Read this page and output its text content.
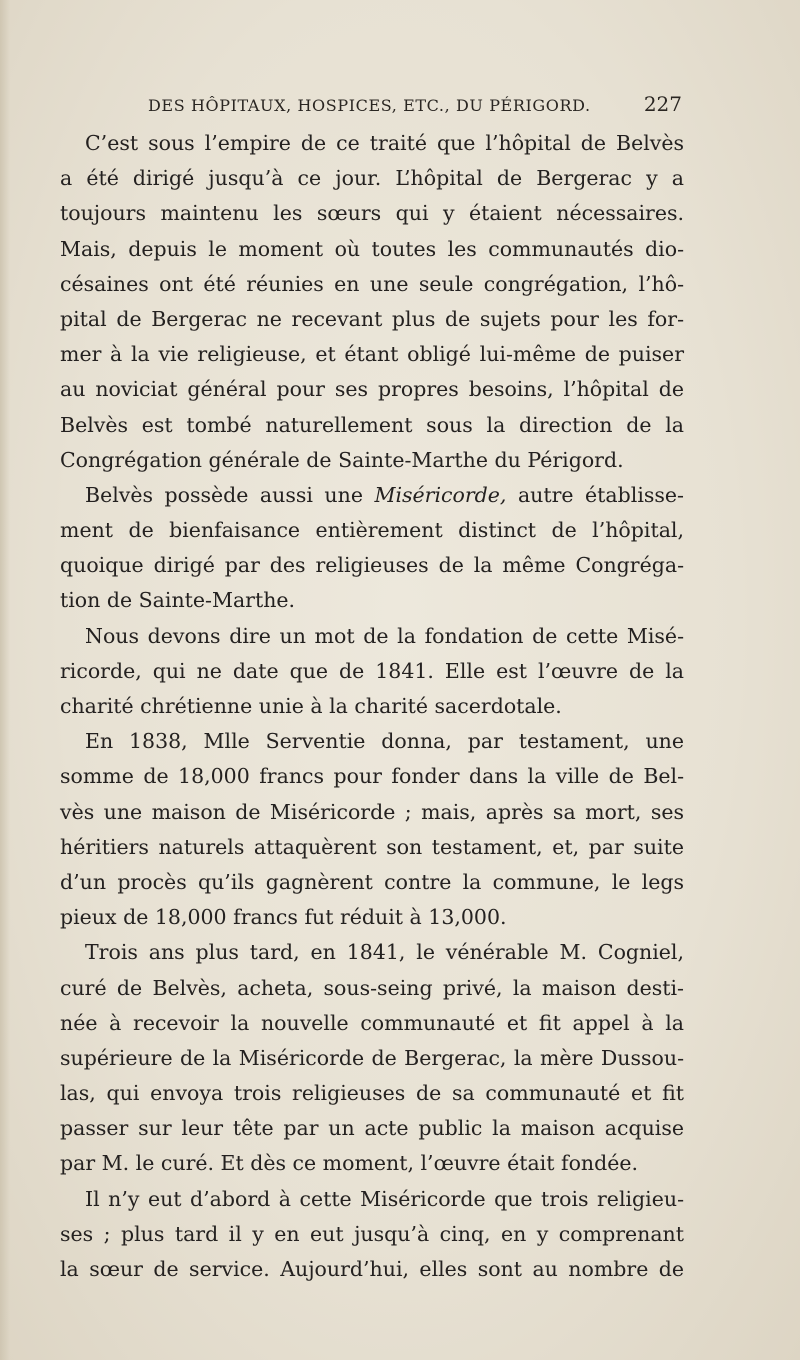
DES HÔPITAUX, HOSPICES, ETC., DU PÉRIGORD.	227
C’est sous l’empire de ce traité que l’hôpital de Belvès
a été dirigé jusqu’à ce jour. L’hôpital de Bergerac y a
toujours maintenu les sœurs qui y étaient nécessaires.
Mais, depuis le moment où toutes les communautés dio-
césaines ont été réunies en une seule congrégation, l’hô-
pital de Bergerac ne recevant plus de sujets pour les for-
mer à la vie religieuse, et étant obligé lui-même de puiser
au noviciat général pour ses propres besoins, l’hôpital de
Belvès est tombé naturellement sous la direction de la
Congrégation générale de Sainte-Marthe du Périgord.
Belvès possède aussi une Miséricorde, autre établisse-
ment de bienfaisance entièrement distinct de l’hôpital,
quoique dirigé par des religieuses de la même Congréga-
tion de Sainte-Marthe.
Nous devons dire un mot de la fondation de cette Misé-
ricorde, qui ne date que de 1841. Elle est l’œuvre de la
charité chrétienne unie à la charité sacerdotale.
En 1838, Mlle Serventie donna, par testament, une
somme de 18,000 francs pour fonder dans la ville de Bel-
vès une maison de Miséricorde ; mais, après sa mort, ses
héritiers naturels attaquèrent son testament, et, par suite
d’un procès qu’ils gagnèrent contre la commune, le legs
pieux de 18,000 francs fut réduit à 13,000.
Trois ans plus tard, en 1841, le vénérable M. Cogniel,
curé de Belvès, acheta, sous-seing privé, la maison desti-
née à recevoir la nouvelle communauté et fit appel à la
supérieure de la Miséricorde de Bergerac, la mère Dussou-
las, qui envoya trois religieuses de sa communauté et fit
passer sur leur tête par un acte public la maison acquise
par M. le curé. Et dès ce moment, l’œuvre était fondée.
Il n’y eut d’abord à cette Miséricorde que trois religieu-
ses ; plus tard il y en eut jusqu’à cinq, en y comprenant
la sœur de service. Aujourd’hui, elles sont au nombre de
